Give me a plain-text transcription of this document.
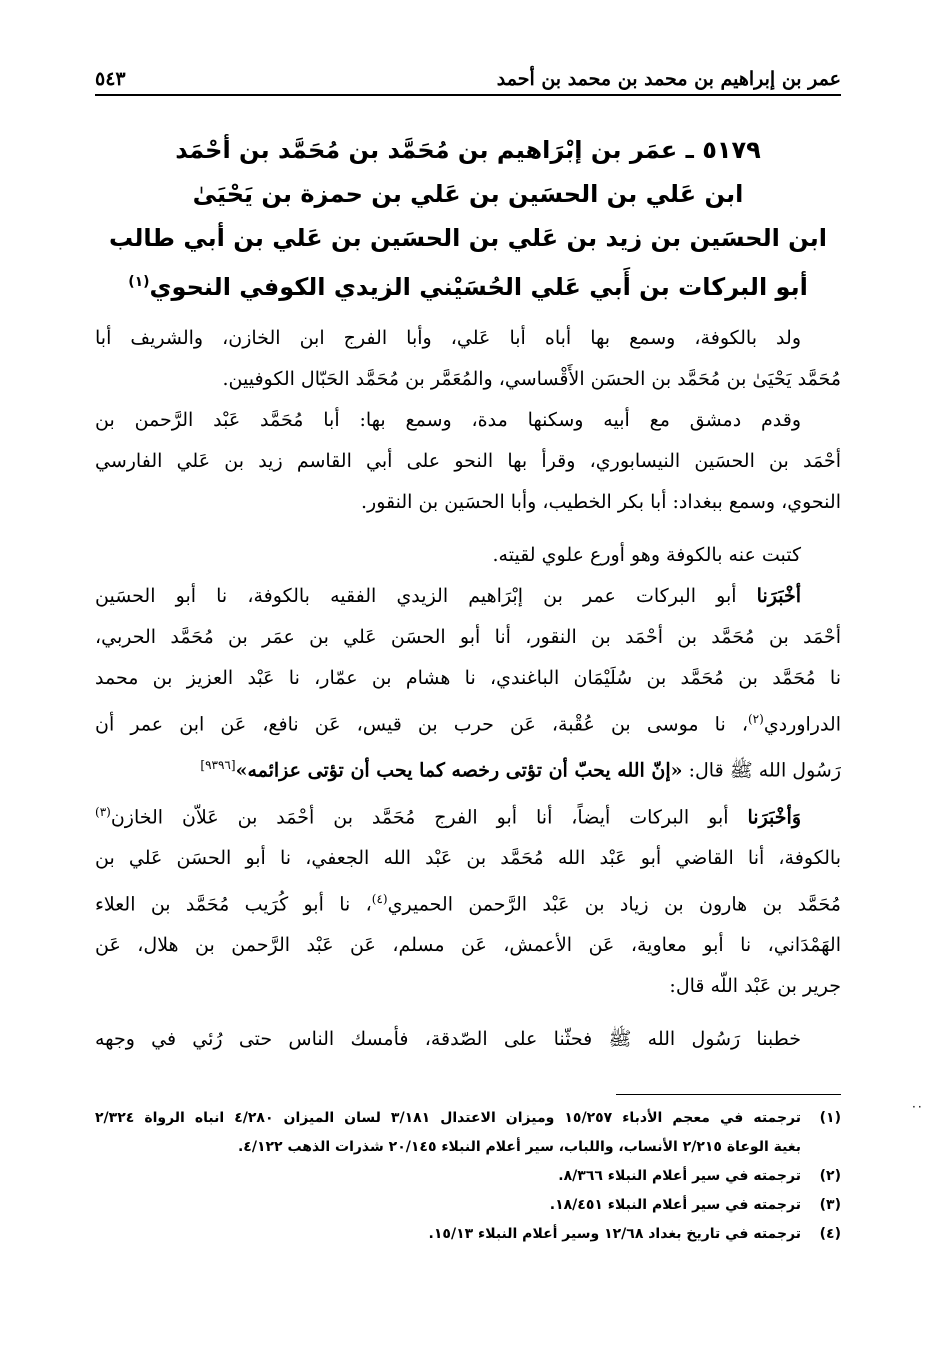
عمر بن إبراهيم بن محمد بن محمد بن أحمد
٥٤٣
٥١٧٩ ـ عمَر بن إبْرَاهيم بن مُحَمَّد بن مُحَمَّد بن أحْمَد
ابن عَلي بن الحسَين بن عَلي بن حمزة بن يَحْيَىٰ
ابن الحسَين بن زيد بن عَلي بن الحسَين بن عَلي بن أبي طالب
أبو البركات بن أَبي عَلي الحُسَيْني الزيدي الكوفي النحوي$^{(١)}$

ولد بالكوفة، وسمع بها أباه أبا عَلي، وأبا الفرج ابن الخازن، والشريف أبا
مُحَمَّد يَحْيَىٰ بن مُحَمَّد بن الحسَن الأَقْساسي، والمُعَمَّر بن مُحَمَّد الحَبّال الكوفيين.

وقدم دمشق مع أبيه وسكنها مدة، وسمع بها: أبا مُحَمَّد عَبْد الرَّحمن بن
أحْمَد بن الحسَين النيسابوري، وقرأ بها النحو على أبي القاسم زيد بن عَلي الفارسي
النحوي، وسمع ببغداد: أبا بكر الخطيب، وأبا الحسَين بن النقور.

كتبت عنه بالكوفة وهو أورع علوي لقيته.

أخْبَرَنا أبو البركات عمر بن إبْرَاهيم الزيدي الفقيه بالكوفة، نا أبو الحسَين
أحْمَد بن مُحَمَّد بن أحْمَد بن النقور، أنا أبو الحسَن عَلي بن عمَر بن مُحَمَّد الحربي،
نا مُحَمَّد بن مُحَمَّد بن سُلَيْمَان الباغندي، نا هشام بن عمّار، نا عَبْد العزيز بن محمد
الدراوردي$^{(٢)}$، نا موسى بن عُقْبة، عَن حرب بن قيس، عَن نافع، عَن ابن عمر أن
رَسُول الله ﷺ قال: «إنّ الله يحبّ أن تؤتى رخصه كما يحب أن تؤتى عزائمه»[٩٣٩٦]

وَأخْبَرَنا أبو البركات أيضاً، أنا أبو الفرج مُحَمَّد بن أحْمَد بن عَلاّن الخازن$^{(٣)}$
بالكوفة، أنا القاضي أبو عَبْد الله مُحَمَّد بن عَبْد الله الجعفي، نا أبو الحسَن عَلي بن
مُحَمَّد بن هارون بن زياد بن عَبْد الرَّحمن الحميري$^{(٤)}$، نا أبو كُرَيب مُحَمَّد بن العلاء
الهَمْدَاني، نا أبو معاوية، عَن الأعمش، عَن مسلم، عَن عَبْد الرَّحمن بن هلال، عَن
جرير بن عَبْد اللّه قال:

خطبنا رَسُول الله ﷺ فحثّنا على الصّدقة، فأمسك الناس حتى رُئي في وجهه

··
(١)
ترجمته في معجم الأدباء ١٥/٢٥٧ وميزان الاعتدال ٣/١٨١ لسان الميزان ٤/٢٨٠ انباه الرواة ٢/٣٢٤
بغية الوعاة ٢/٢١٥ الأنساب، واللباب، سير أعلام النبلاء ٢٠/١٤٥ شذرات الذهب ٤/١٢٢.
(٢)
ترجمته في سير أعلام النبلاء ٨/٣٦٦.
(٣)
ترجمته في سير أعلام النبلاء ١٨/٤٥١.
(٤)
ترجمته في تاريخ بغداد ١٢/٦٨ وسير أعلام النبلاء ١٥/١٣.
